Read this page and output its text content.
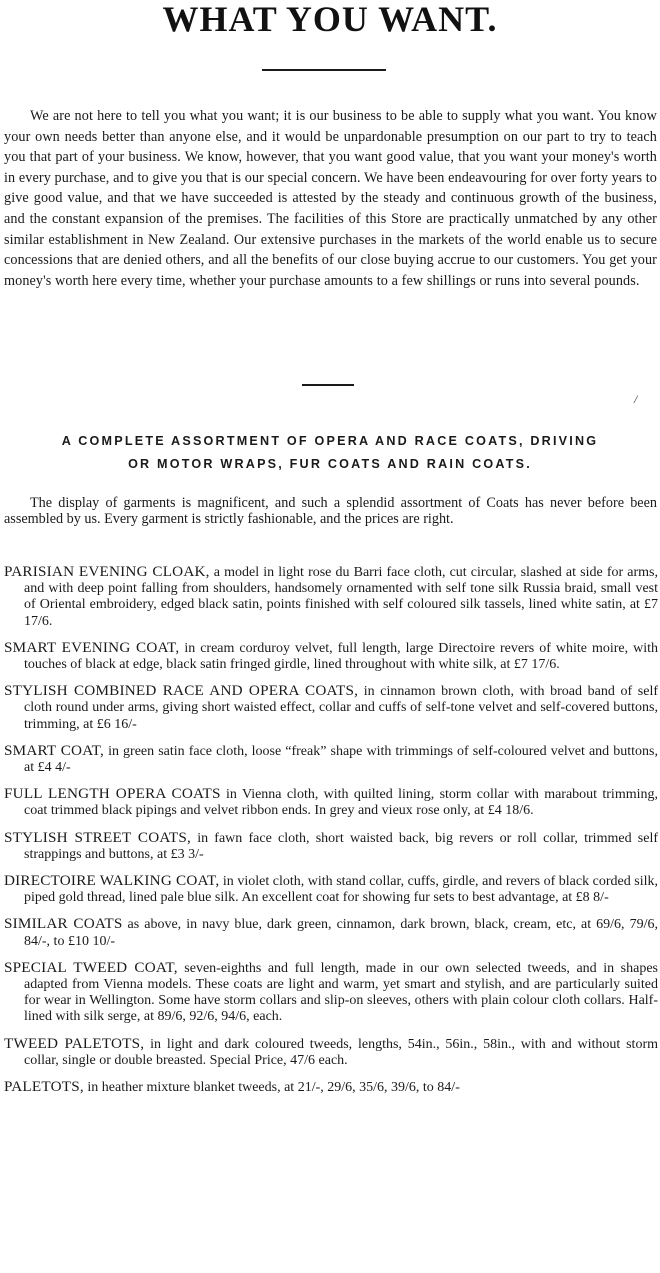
WHAT YOU WANT.

We are not here to tell you what you want; it is our business to be able to supply what you want. You know your own needs better than anyone else, and it would be unpardonable presumption on our part to try to teach you that part of your business. We know, however, that you want good value, that you want your money's worth in every purchase, and to give you that is our special concern. We have been endeavouring for over forty years to give good value, and that we have succeeded is attested by the steady and continuous growth of the business, and the constant expansion of the premises. The facilities of this Store are practically unmatched by any other similar establishment in New Zealand. Our extensive purchases in the markets of the world enable us to secure concessions that are denied others, and all the benefits of our close buying accrue to our customers. You get your money's worth here every time, whether your purchase amounts to a few shillings or runs into several pounds.

/
A COMPLETE ASSORTMENT OF OPERA AND RACE COATS, DRIVING
OR MOTOR WRAPS, FUR COATS AND RAIN COATS.

The display of garments is magnificent, and such a splendid assortment of Coats has never before been assembled by us. Every garment is strictly fashionable, and the prices are right.

PARISIAN EVENING CLOAK, a model in light rose du Barri face cloth, cut circular, slashed at side for arms, and with deep point falling from shoulders, handsomely ornamented with self tone silk Russia braid, small vest of Oriental embroidery, edged black satin, points finished with self coloured silk tassels, lined white satin, at £7 17/6.
SMART EVENING COAT, in cream corduroy velvet, full length, large Directoire revers of white moire, with touches of black at edge, black satin fringed girdle, lined throughout with white silk, at £7 17/6.
STYLISH COMBINED RACE AND OPERA COATS, in cinnamon brown cloth, with broad band of self cloth round under arms, giving short waisted effect, collar and cuffs of self-tone velvet and self-covered buttons, trimming, at £6 16/-
SMART COAT, in green satin face cloth, loose “freak” shape with trimmings of self-coloured velvet and buttons, at £4 4/-
FULL LENGTH OPERA COATS in Vienna cloth, with quilted lining, storm collar with marabout trimming, coat trimmed black pipings and velvet ribbon ends. In grey and vieux rose only, at £4 18/6.
STYLISH STREET COATS, in fawn face cloth, short waisted back, big revers or roll collar, trimmed self strappings and buttons, at £3 3/-
DIRECTOIRE WALKING COAT, in violet cloth, with stand collar, cuffs, girdle, and revers of black corded silk, piped gold thread, lined pale blue silk. An excellent coat for showing fur sets to best advantage, at £8 8/-
SIMILAR COATS as above, in navy blue, dark green, cinnamon, dark brown, black, cream, etc, at 69/6, 79/6, 84/-, to £10 10/-
SPECIAL TWEED COAT, seven-eighths and full length, made in our own selected tweeds, and in shapes adapted from Vienna models. These coats are light and warm, yet smart and stylish, and are particularly suited for wear in Wellington. Some have storm collars and slip-on sleeves, others with plain colour cloth collars. Half-lined with silk serge, at 89/6, 92/6, 94/6, each.
TWEED PALETOTS, in light and dark coloured tweeds, lengths, 54in., 56in., 58in., with and without storm collar, single or double breasted. Special Price, 47/6 each.
PALETOTS, in heather mixture blanket tweeds, at 21/-, 29/6, 35/6, 39/6, to 84/-
